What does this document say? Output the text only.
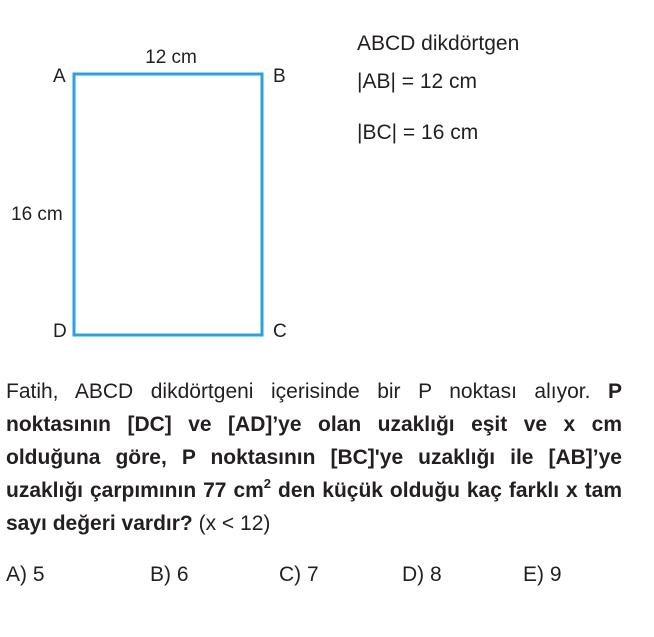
A	B
C
D
12 cm
16 cm
ABCD dikdörtgen
|AB| = 12 cm
|BC| = 16 cm
Fatih, ABCD dikdörtgeni içerisinde bir P noktası alıyor. P noktasının [DC] ve [AD]’ye olan uzaklığı eşit ve x cm olduğuna göre, P noktasının [BC]'ye uzaklığı ile [AB]’ye uzaklığı çarpımının 77 $cm^2$ den küçük olduğu kaç farklı x tam sayı değeri vardır? (x < 12)
A) 5	B) 6	C) 7	D) 8	E) 9
